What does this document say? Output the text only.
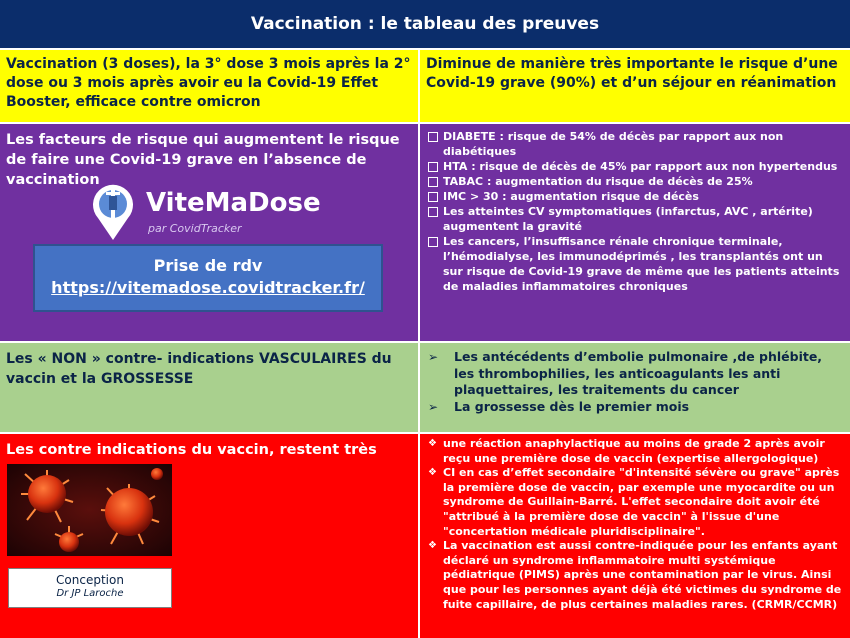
Vaccination : le tableau des preuves
Vaccination (3 doses), la 3° dose 3 mois après la 2° dose ou 3 mois après avoir eu la Covid-19 Effet Booster, efficace contre omicron
Diminue de manière très importante le risque d’une Covid-19 grave (90%) et d’un séjour en réanimation
Les facteurs de risque qui augmentent le risque de faire une Covid-19 grave en l’absence de vaccination
ViteMaDose
par CovidTracker
Prise de rdv
https://vitemadose.covidtracker.fr/
DIABETE : risque de 54% de décès par rapport aux non diabétiques
HTA : risque de décès de 45% par rapport aux non hypertendus
TABAC : augmentation du risque de décès de 25%
IMC > 30 : augmentation risque de décès
Les atteintes CV symptomatiques (infarctus, AVC , artérite) augmentent la gravité
Les cancers, l’insuffisance rénale chronique terminale, l’hémodialyse, les immunodéprimés , les transplantés ont un sur risque de Covid-19 grave de même que les patients atteints de maladies inflammatoires chroniques
Les « NON » contre- indications VASCULAIRES du vaccin et la GROSSESSE
➢ Les antécédents d’embolie pulmonaire ,de phlébite, les thrombophilies, les anticoagulants les anti plaquettaires, les traitements du cancer
➢ La grossesse dès le premier mois
Les contre indications du vaccin, restent très
Conception
Dr JP Laroche
❖ une réaction anaphylactique au moins de grade 2 après avoir reçu une première dose de vaccin (expertise allergologique)
❖ CI en cas d’effet secondaire "d'intensité sévère ou grave" après la première dose de vaccin, par exemple une myocardite ou un syndrome de Guillain-Barré. L'effet secondaire doit avoir été "attribué à la première dose de vaccin" à l'issue d'une "concertation médicale pluridisciplinaire".
❖ La vaccination est aussi contre-indiquée pour les enfants ayant déclaré un syndrome inflammatoire multi systémique pédiatrique (PIMS) après une contamination par le virus. Ainsi que pour les personnes ayant déjà été victimes du syndrome de fuite capillaire, de plus certaines maladies rares. (CRMR/CCMR)
